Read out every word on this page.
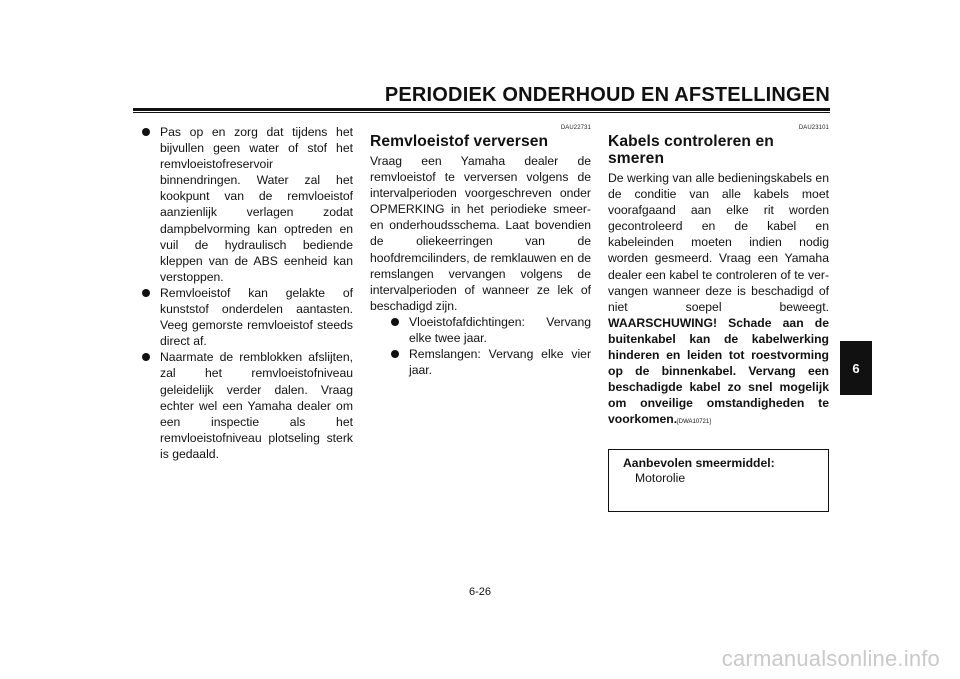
PERIODIEK ONDERHOUD EN AFSTELLINGEN

Pas op en zorg dat tijdens het bijvullen geen water of stof het remvloeistofreservoir binnendringen. Water zal het kookpunt van de remvloeistof aanzienlijk verlagen zodat dampbelvorming kan optreden en vuil de hydraulisch bediende kleppen van de ABS eenheid kan verstoppen.

Remvloeistof kan gelakte of kunststof onderdelen aantasten. Veeg gemorste remvloeistof steeds direct af.

Naarmate de remblokken afslijten, zal het remvloeistofniveau geleidelijk verder dalen. Vraag echter wel een Yamaha dealer om een inspectie als het remvloeistofniveau plotseling sterk is gedaald.

DAU22731
Remvloeistof verversen

Vraag een Yamaha dealer de remvloeistof te verversen volgens de intervalperioden voorgeschreven onder OPMERKING in het periodieke smeer- en onderhoudsschema. Laat bovendien de oliekeerringen van de hoofdremcilinders, de remklauwen en de remslangen vervangen volgens de intervalperioden of wanneer ze lek of beschadigd zijn.

Vloeistofafdichtingen: Vervang elke twee jaar.

Remslangen: Vervang elke vier jaar.

DAU23101
Kabels controleren en smeren

De werking van alle bedieningskabels en de conditie van alle kabels moet voorafgaand aan elke rit worden gecontroleerd en de kabel en kabeleinden moeten indien nodig worden gesmeerd. Vraag een Yamaha dealer een kabel te controleren of te vervangen wanneer deze is beschadigd of niet soepel beweegt. WAARSCHUWING! Schade aan de buitenkabel kan de kabelwerking hinderen en leiden tot roestvorming op de binnenkabel. Vervang een beschadigde kabel zo snel mogelijk om onveilige omstandigheden te voorkomen.[DWA10721]

Aanbevolen smeermiddel:
Motorolie
6
6-26
carmanualsonline.info
